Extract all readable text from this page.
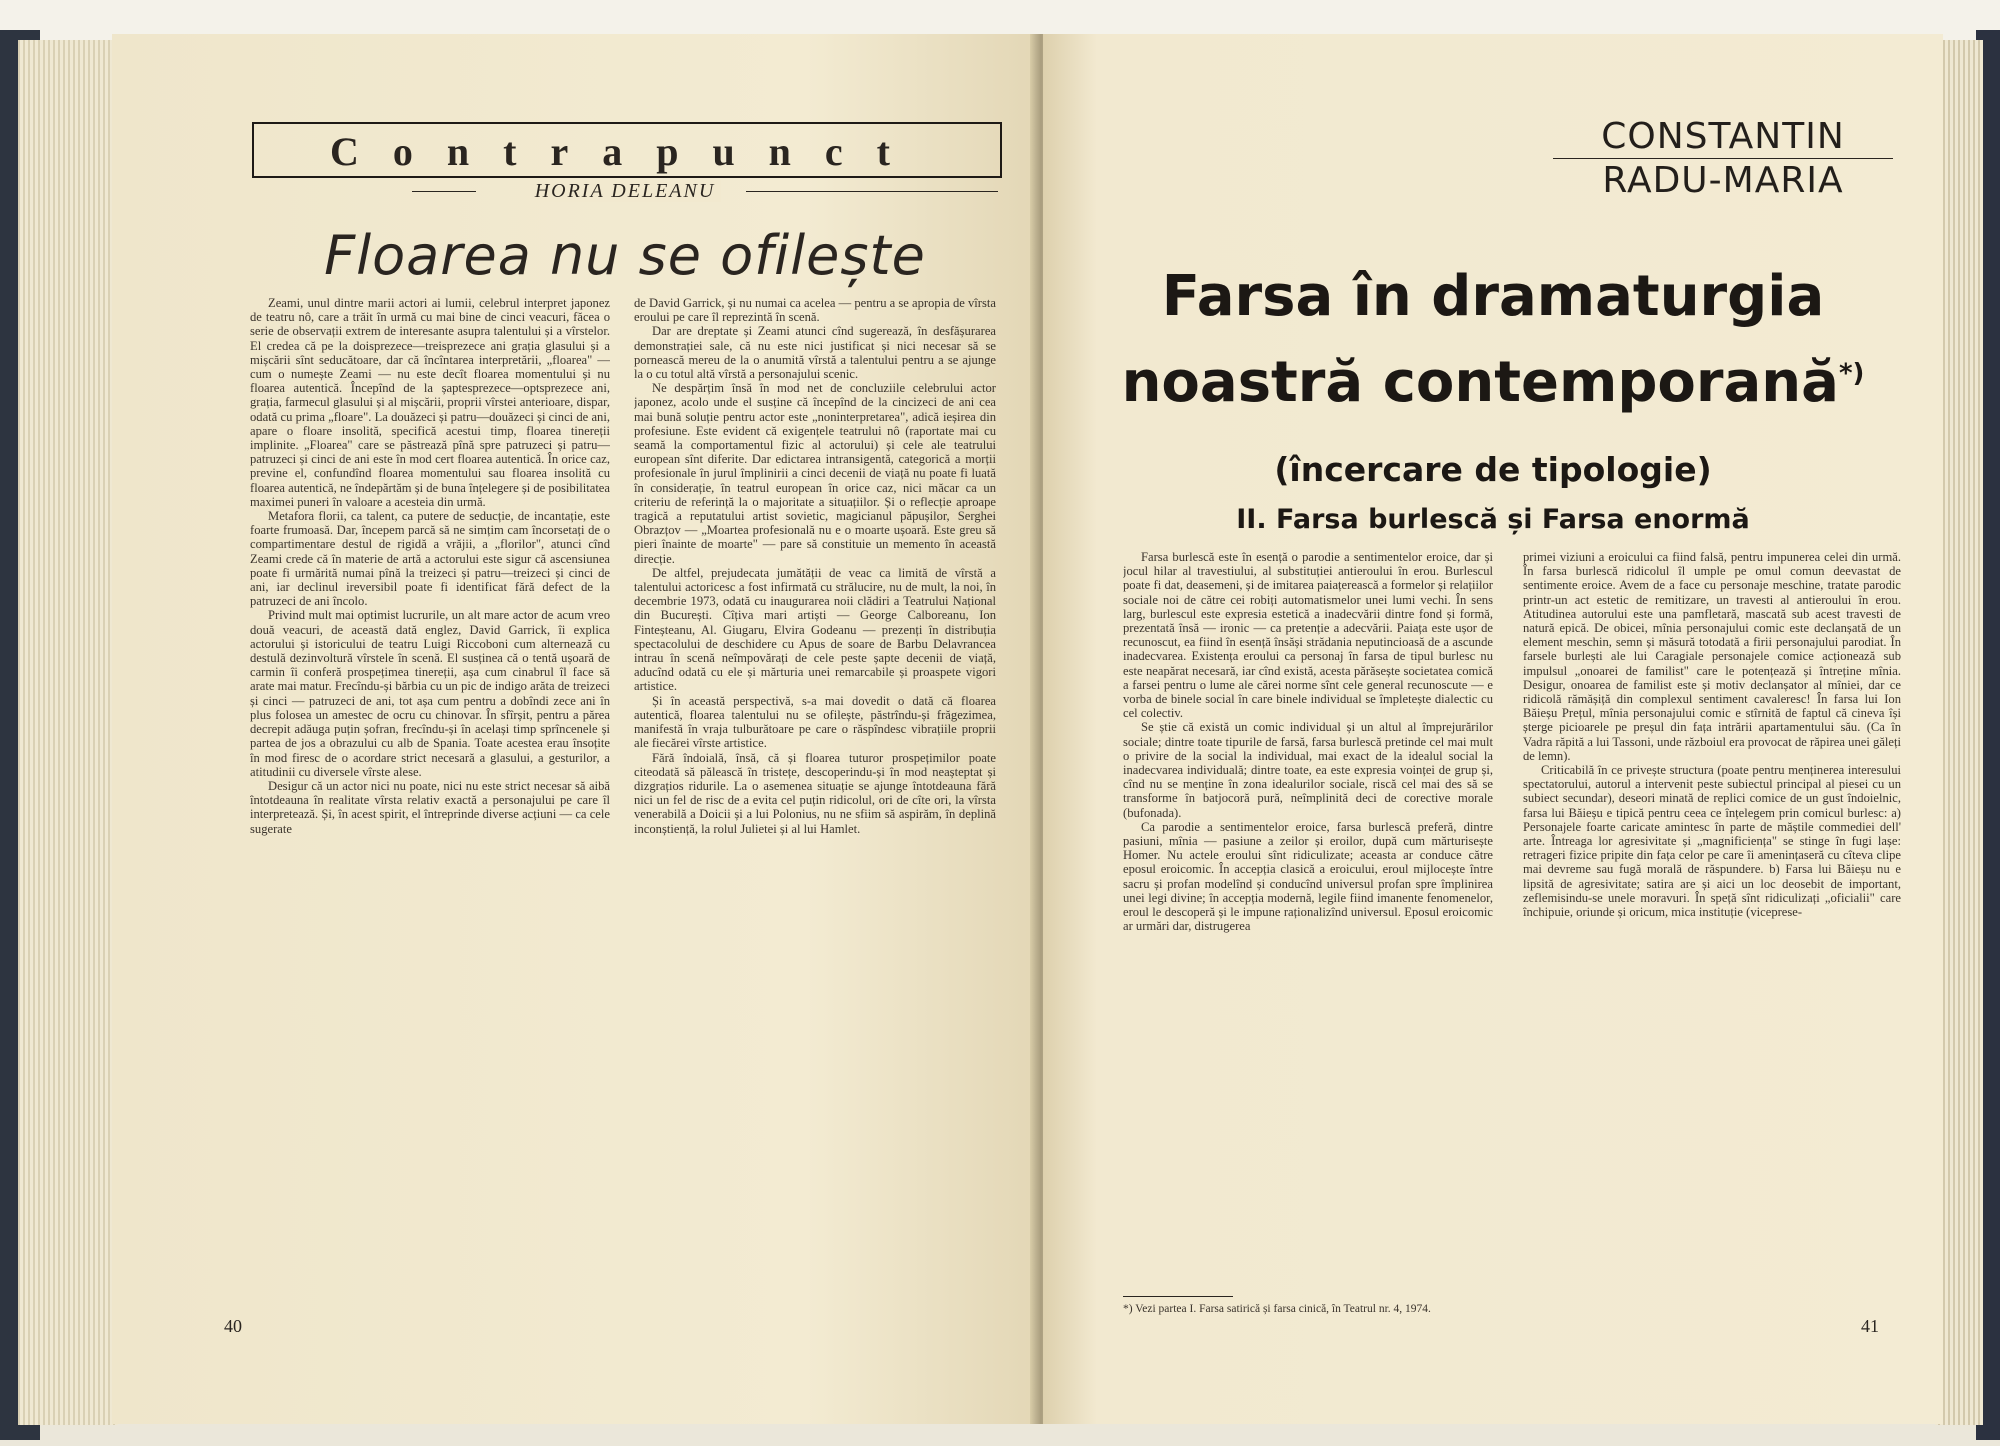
Contrapunct
HORIA DELEANU
Floarea nu se ofilește

Zeami, unul dintre marii actori ai lumii, celebrul interpret japonez de teatru nô, care a trăit în urmă cu mai bine de cinci veacuri, făcea o serie de observații extrem de interesante asupra talentului și a vîrstelor. El credea că pe la doisprezece—treisprezece ani grația glasului și a mișcării sînt seducătoare, dar că încîntarea interpretării, „floarea" — cum o numește Zeami — nu este decît floarea momentului și nu floarea autentică. Începînd de la șaptesprezece—optsprezece ani, grația, farmecul glasului și al mișcării, proprii vîrstei anterioare, dispar, odată cu prima „floare". La douăzeci și patru—douăzeci și cinci de ani, apare o floare insolită, specifică acestui timp, floarea tinereții implinite. „Floarea" care se păstrează pînă spre patruzeci și patru—patruzeci și cinci de ani este în mod cert floarea autentică. În orice caz, previne el, confundînd floarea momentului sau floarea insolită cu floarea autentică, ne îndepărtăm și de buna înțelegere și de posibilitatea maximei puneri în valoare a acesteia din urmă.

Metafora florii, ca talent, ca putere de seducție, de incantație, este foarte frumoasă. Dar, începem parcă să ne simțim cam încorsetați de o compartimentare destul de rigidă a vrăjii, a „florilor", atunci cînd Zeami crede că în materie de artă a actorului este sigur că ascensiunea poate fi urmărită numai pînă la treizeci și patru—treizeci și cinci de ani, iar declinul ireversibil poate fi identificat fără defect de la patruzeci de ani încolo.

Privind mult mai optimist lucrurile, un alt mare actor de acum vreo două veacuri, de această dată englez, David Garrick, îi explica actorului și istoricului de teatru Luigi Riccoboni cum alternează cu destulă dezinvoltură vîrstele în scenă. El susținea că o tentă ușoară de carmin îi conferă prospețimea tinereții, așa cum cinabrul îl face să arate mai matur. Frecîndu-și bărbia cu un pic de indigo arăta de treizeci și cinci — patruzeci de ani, tot așa cum pentru a dobîndi zece ani în plus folosea un amestec de ocru cu chinovar. În sfîrșit, pentru a părea decrepit adăuga puțin șofran, frecîndu-și în același timp sprîncenele și partea de jos a obrazului cu alb de Spania. Toate acestea erau însoțite în mod firesc de o acordare strict necesară a glasului, a gesturilor, a atitudinii cu diversele vîrste alese.

Desigur că un actor nici nu poate, nici nu este strict necesar să aibă întotdeauna în realitate vîrsta relativ exactă a personajului pe care îl interpretează. Și, în acest spirit, el întreprinde diverse acțiuni — ca cele sugerate

de David Garrick, și nu numai ca acelea — pentru a se apropia de vîrsta eroului pe care îl reprezintă în scenă.

Dar are dreptate și Zeami atunci cînd sugerează, în desfășurarea demonstrației sale, că nu este nici justificat și nici necesar să se pornească mereu de la o anumită vîrstă a talentului pentru a se ajunge la o cu totul altă vîrstă a personajului scenic.

Ne despărțim însă în mod net de concluziile celebrului actor japonez, acolo unde el susține că începînd de la cincizeci de ani cea mai bună soluție pentru actor este „noninterpretarea", adică ieșirea din profesiune. Este evident că exigențele teatrului nô (raportate mai cu seamă la comportamentul fizic al actorului) și cele ale teatrului european sînt diferite. Dar edictarea intransigentă, categorică a morții profesionale în jurul împlinirii a cinci decenii de viață nu poate fi luată în considerație, în teatrul european în orice caz, nici măcar ca un criteriu de referință la o majoritate a situațiilor. Și o reflecție aproape tragică a reputatului artist sovietic, magicianul păpușilor, Serghei Obrazțov — „Moartea profesională nu e o moarte ușoară. Este greu să pieri înainte de moarte" — pare să constituie un memento în această direcție.

De altfel, prejudecata jumătății de veac ca limită de vîrstă a talentului actoricesc a fost infirmată cu strălucire, nu de mult, la noi, în decembrie 1973, odată cu inaugurarea noii clădiri a Teatrului Național din București. Cîțiva mari artiști — George Calboreanu, Ion Finteșteanu, Al. Giugaru, Elvira Godeanu — prezenți în distribuția spectacolului de deschidere cu Apus de soare de Barbu Delavrancea intrau în scenă neîmpovărați de cele peste șapte decenii de viață, aducînd odată cu ele și mărturia unei remarcabile și proaspete vigori artistice.

Și în această perspectivă, s-a mai dovedit o dată că floarea autentică, floarea talentului nu se ofilește, păstrîndu-și frăgezimea, manifestă în vraja tulburătoare pe care o răspîndesc vibrațiile proprii ale fiecărei vîrste artistice.

Fără îndoială, însă, că și floarea tuturor prospețimilor poate citeodată să pălească în tristețe, descoperindu-și în mod neașteptat și dizgrațios ridurile. La o asemenea situație se ajunge întotdeauna fără nici un fel de risc de a evita cel puțin ridicolul, ori de cîte ori, la vîrsta venerabilă a Doicii și a lui Polonius, nu ne sfiim să aspirăm, în deplină inconștiență, la rolul Julietei și al lui Hamlet.

40
CONSTANTIN
RADU-MARIA
Farsa în dramaturgia
noastră contemporană*)
(încercare de tipologie)
II. Farsa burlescă și Farsa enormă

Farsa burlescă este în esență o parodie a sentimentelor eroice, dar și jocul hilar al travestiului, al substituției antieroului în erou. Burlescul poate fi dat, deasemeni, și de imitarea paiațerească a formelor și relațiilor sociale noi de către cei robiți automatismelor unei lumi vechi. În sens larg, burlescul este expresia estetică a inadecvării dintre fond și formă, prezentată însă — ironic — ca pretenție a adecvării. Paiața este ușor de recunoscut, ea fiind în esență însăși strădania neputincioasă de a ascunde inadecvarea. Existența eroului ca personaj în farsa de tipul burlesc nu este neapărat necesară, iar cînd există, acesta părăsește societatea comică a farsei pentru o lume ale cărei norme sînt cele general recunoscute — e vorba de binele social în care binele individual se împletește dialectic cu cel colectiv.

Se știe că există un comic individual și un altul al împrejurărilor sociale; dintre toate tipurile de farsă, farsa burlescă pretinde cel mai mult o privire de la social la individual, mai exact de la idealul social la inadecvarea individuală; dintre toate, ea este expresia voinței de grup și, cînd nu se menține în zona idealurilor sociale, riscă cel mai des să se transforme în batjocoră pură, neîmplinită deci de corective morale (bufonada).

Ca parodie a sentimentelor eroice, farsa burlescă preferă, dintre pasiuni, mînia — pasiune a zeilor și eroilor, după cum mărturisește Homer. Nu actele eroului sînt ridiculizate; aceasta ar conduce către eposul eroicomic. În accepția clasică a eroicului, eroul mijlocește între sacru și profan modelînd și conducînd universul profan spre împlinirea unei legi divine; în accepția modernă, legile fiind imanente fenomenelor, eroul le descoperă și le impune raționalizînd universul. Eposul eroicomic ar urmări dar, distrugerea

*) Vezi partea I. Farsa satirică și farsa cinică, în Teatrul nr. 4, 1974.

primei viziuni a eroicului ca fiind falsă, pentru impunerea celei din urmă. În farsa burlescă ridicolul îl umple pe omul comun deevastat de sentimente eroice. Avem de a face cu personaje meschine, tratate parodic printr-un act estetic de remitizare, un travesti al antieroului în erou. Atitudinea autorului este una pamfletară, mascată sub acest travesti de natură epică. De obicei, mînia personajului comic este declanșată de un element meschin, semn și măsură totodată a firii personajului parodiat. În farsele burlești ale lui Caragiale personajele comice acționează sub impulsul „onoarei de familist" care le potențează și întreține mînia. Desigur, onoarea de familist este și motiv declanșator al mîniei, dar ce ridicolă rămășiță din complexul sentiment cavaleresc! În farsa lui Ion Băieșu Prețul, mînia personajului comic e stîrnită de faptul că cineva își șterge picioarele pe preșul din fața intrării apartamentului său. (Ca în Vadra răpită a lui Tassoni, unde războiul era provocat de răpirea unei găleți de lemn).

Criticabilă în ce privește structura (poate pentru menținerea interesului spectatorului, autorul a intervenit peste subiectul principal al piesei cu un subiect secundar), deseori minată de replici comice de un gust îndoielnic, farsa lui Băieșu e tipică pentru ceea ce înțelegem prin comicul burlesc: a) Personajele foarte caricate amintesc în parte de măștile commediei dell' arte. Întreaga lor agresivitate și „magnificiența" se stinge în fugi lașe: retrageri fizice pripite din fața celor pe care îi amenințaseră cu cîteva clipe mai devreme sau fugă morală de răspundere. b) Farsa lui Băieșu nu e lipsită de agresivitate; satira are și aici un loc deosebit de important, zeflemisindu-se unele moravuri. În speță sînt ridiculizați „oficialii" care închipuie, oriunde și oricum, mica instituție (viceprese-

41
